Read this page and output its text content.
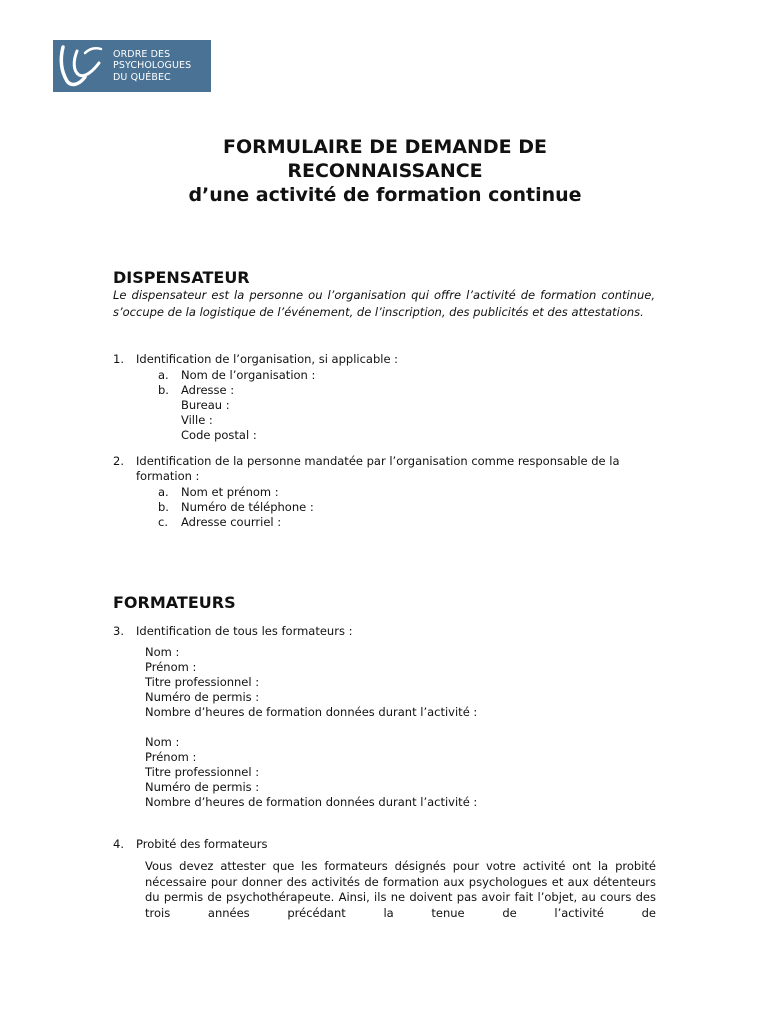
ORDRE DES
PSYCHOLOGUES
DU QUÉBEC
FORMULAIRE DE DEMANDE DE
RECONNAISSANCE
d’une activité de formation continue
DISPENSATEUR
Le dispensateur est la personne ou l’organisation qui offre l’activité de formation continue, s’occupe de la logistique de l’événement, de l’inscription, des publicités et des attestations.
1. Identification de l’organisation, si applicable :
a. Nom de l’organisation :
b. Adresse :
Bureau :
Ville :
Code postal :
2. Identification de la personne mandatée par l’organisation comme responsable de la formation :
a. Nom et prénom :
b. Numéro de téléphone :
c. Adresse courriel :
FORMATEURS
3. Identification de tous les formateurs :
Nom :
Prénom :
Titre professionnel :
Numéro de permis :
Nombre d’heures de formation données durant l’activité :
Nom :
Prénom :
Titre professionnel :
Numéro de permis :
Nombre d’heures de formation données durant l’activité :
4. Probité des formateurs
Vous devez attester que les formateurs désignés pour votre activité ont la probité nécessaire pour donner des activités de formation aux psychologues et aux détenteurs du permis de psychothérapeute. Ainsi, ils ne doivent pas avoir fait l’objet, au cours des trois années précédant la tenue de l’activité de
